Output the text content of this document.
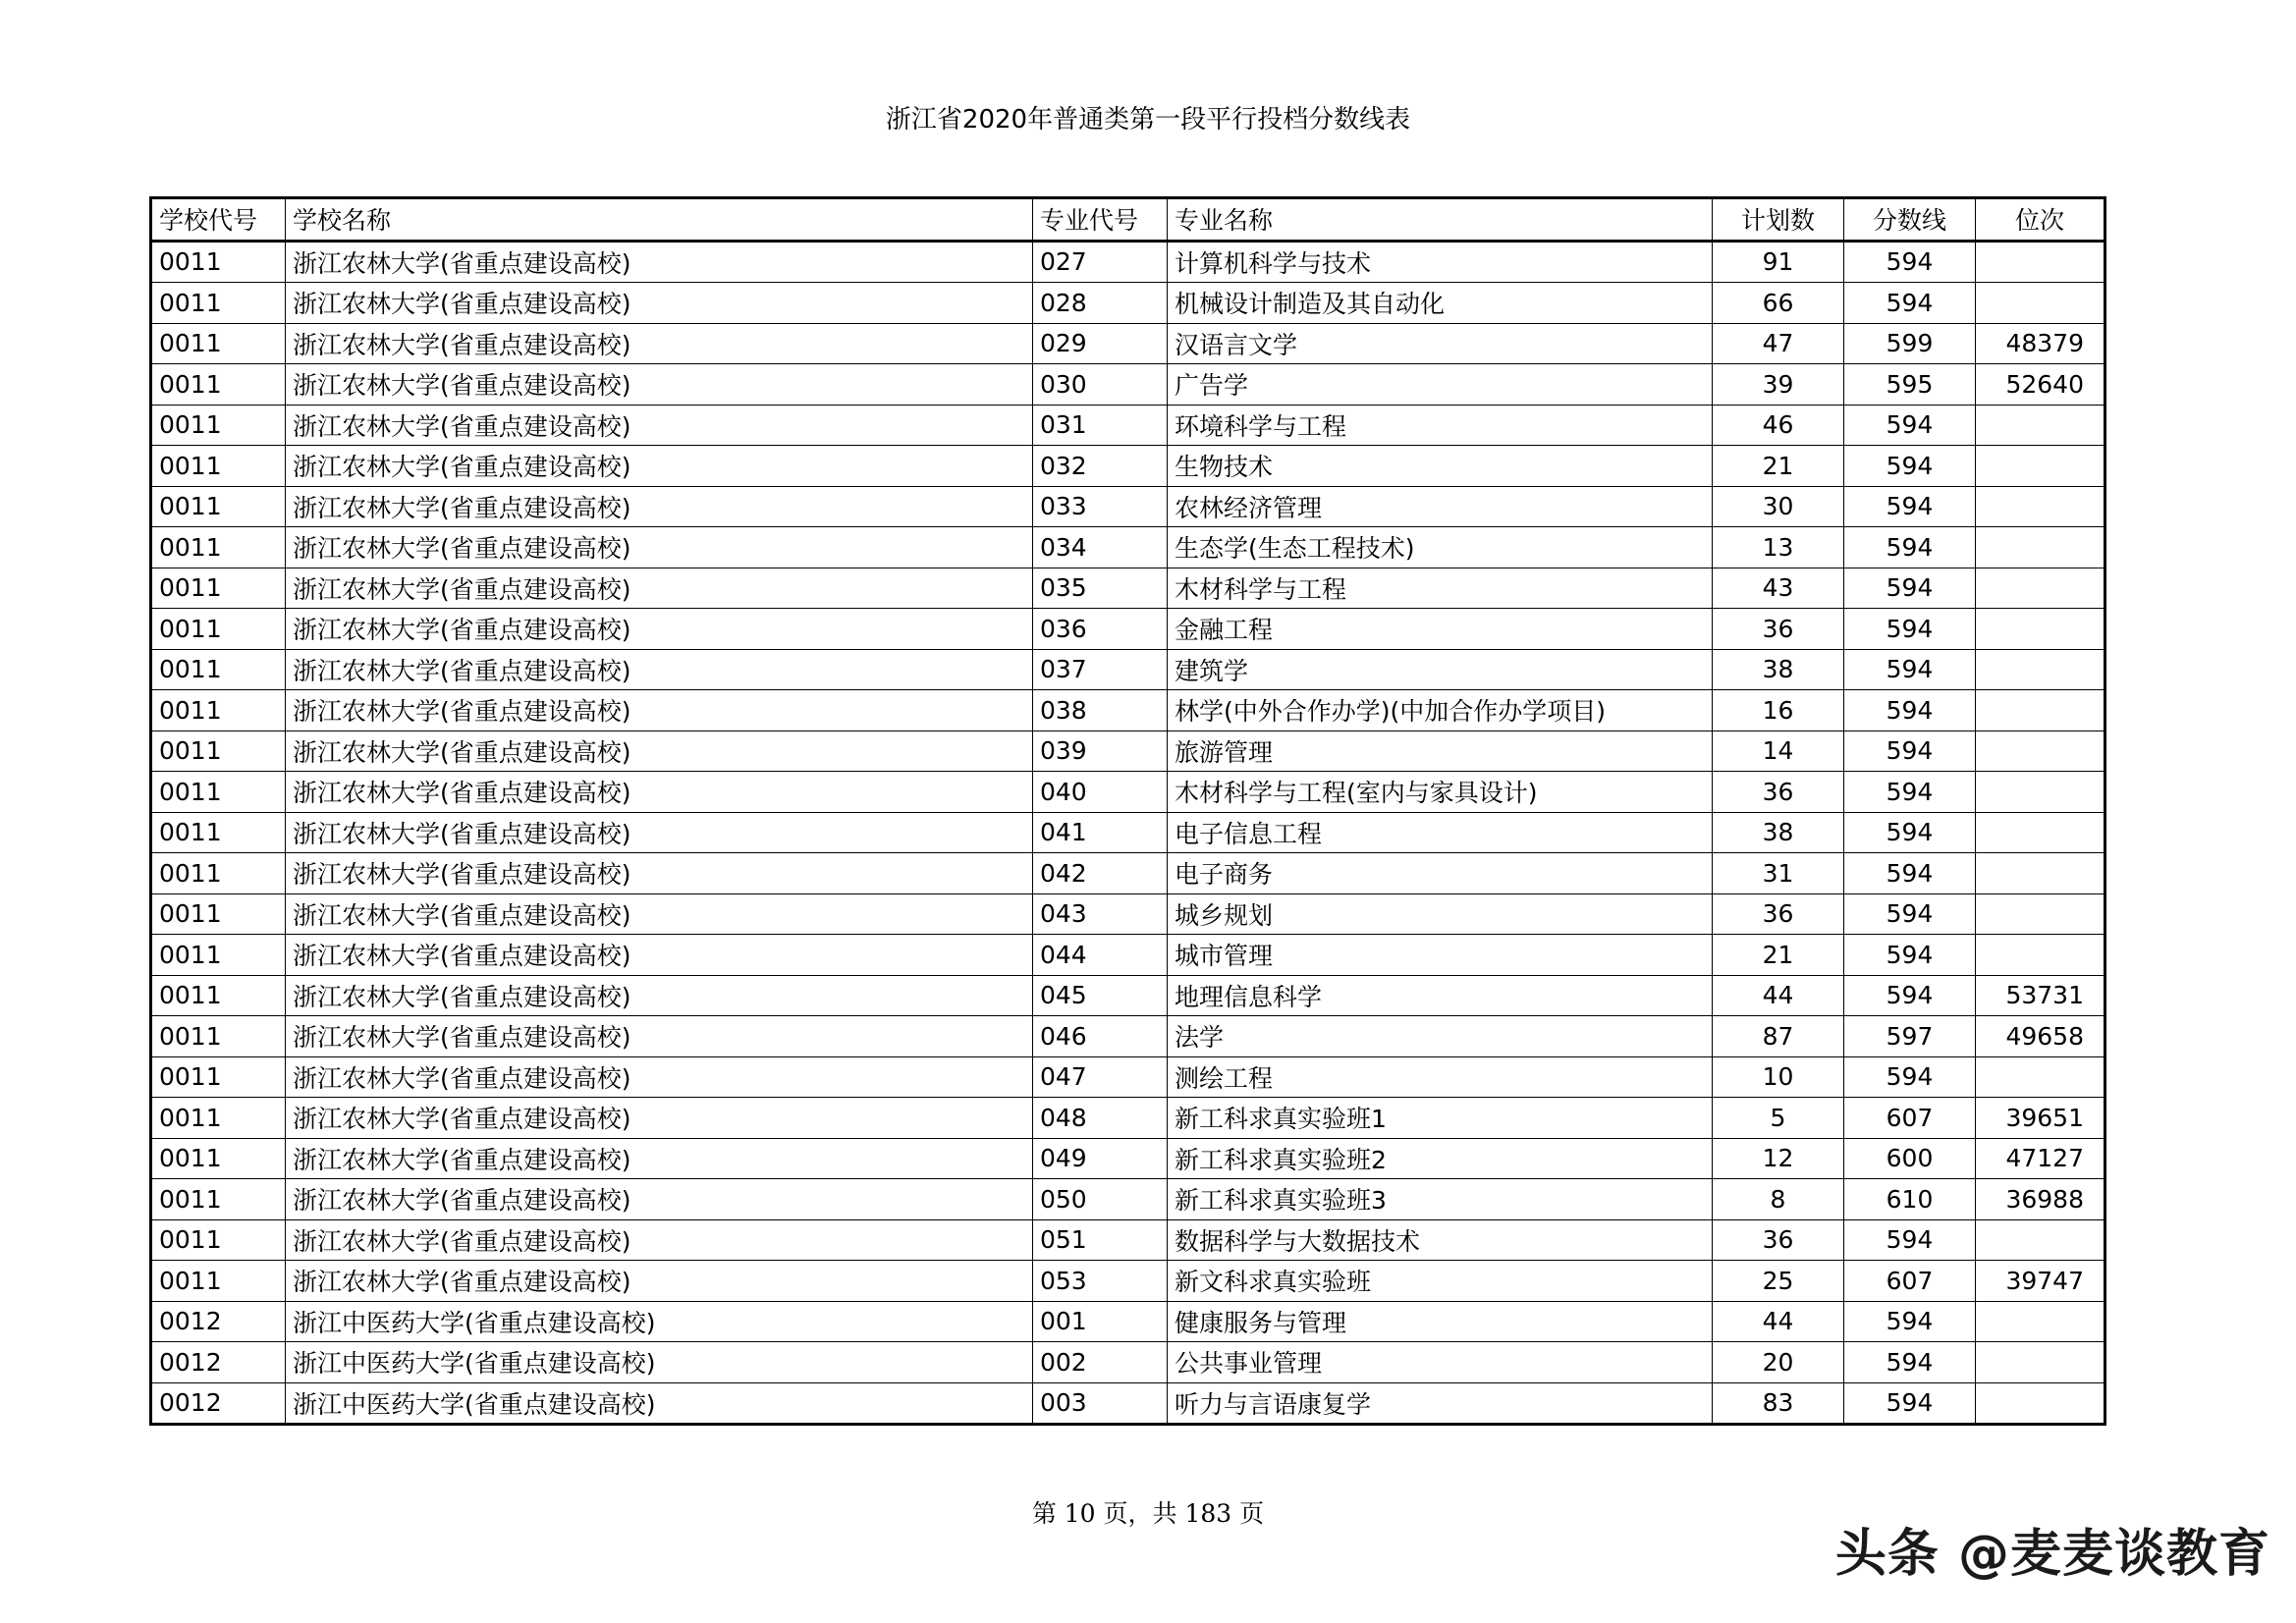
浙江省2020年普通类第一段平行投档分数线表
学校代号	学校名称	专业代号	专业名称	计划数	分数线	位次
0011	浙江农林大学(省重点建设高校)	027	计算机科学与技术	91	594	
0011	浙江农林大学(省重点建设高校)	028	机械设计制造及其自动化	66	594	
0011	浙江农林大学(省重点建设高校)	029	汉语言文学	47	599	48379
0011	浙江农林大学(省重点建设高校)	030	广告学	39	595	52640
0011	浙江农林大学(省重点建设高校)	031	环境科学与工程	46	594	
0011	浙江农林大学(省重点建设高校)	032	生物技术	21	594	
0011	浙江农林大学(省重点建设高校)	033	农林经济管理	30	594	
0011	浙江农林大学(省重点建设高校)	034	生态学(生态工程技术)	13	594	
0011	浙江农林大学(省重点建设高校)	035	木材科学与工程	43	594	
0011	浙江农林大学(省重点建设高校)	036	金融工程	36	594	
0011	浙江农林大学(省重点建设高校)	037	建筑学	38	594	
0011	浙江农林大学(省重点建设高校)	038	林学(中外合作办学)(中加合作办学项目)	16	594	
0011	浙江农林大学(省重点建设高校)	039	旅游管理	14	594	
0011	浙江农林大学(省重点建设高校)	040	木材科学与工程(室内与家具设计)	36	594	
0011	浙江农林大学(省重点建设高校)	041	电子信息工程	38	594	
0011	浙江农林大学(省重点建设高校)	042	电子商务	31	594	
0011	浙江农林大学(省重点建设高校)	043	城乡规划	36	594	
0011	浙江农林大学(省重点建设高校)	044	城市管理	21	594	
0011	浙江农林大学(省重点建设高校)	045	地理信息科学	44	594	53731
0011	浙江农林大学(省重点建设高校)	046	法学	87	597	49658
0011	浙江农林大学(省重点建设高校)	047	测绘工程	10	594	
0011	浙江农林大学(省重点建设高校)	048	新工科求真实验班1	5	607	39651
0011	浙江农林大学(省重点建设高校)	049	新工科求真实验班2	12	600	47127
0011	浙江农林大学(省重点建设高校)	050	新工科求真实验班3	8	610	36988
0011	浙江农林大学(省重点建设高校)	051	数据科学与大数据技术	36	594	
0011	浙江农林大学(省重点建设高校)	053	新文科求真实验班	25	607	39747
0012	浙江中医药大学(省重点建设高校)	001	健康服务与管理	44	594	
0012	浙江中医药大学(省重点建设高校)	002	公共事业管理	20	594	
0012	浙江中医药大学(省重点建设高校)	003	听力与言语康复学	83	594	
第 10 页，共 183 页
头条 @麦麦谈教育
